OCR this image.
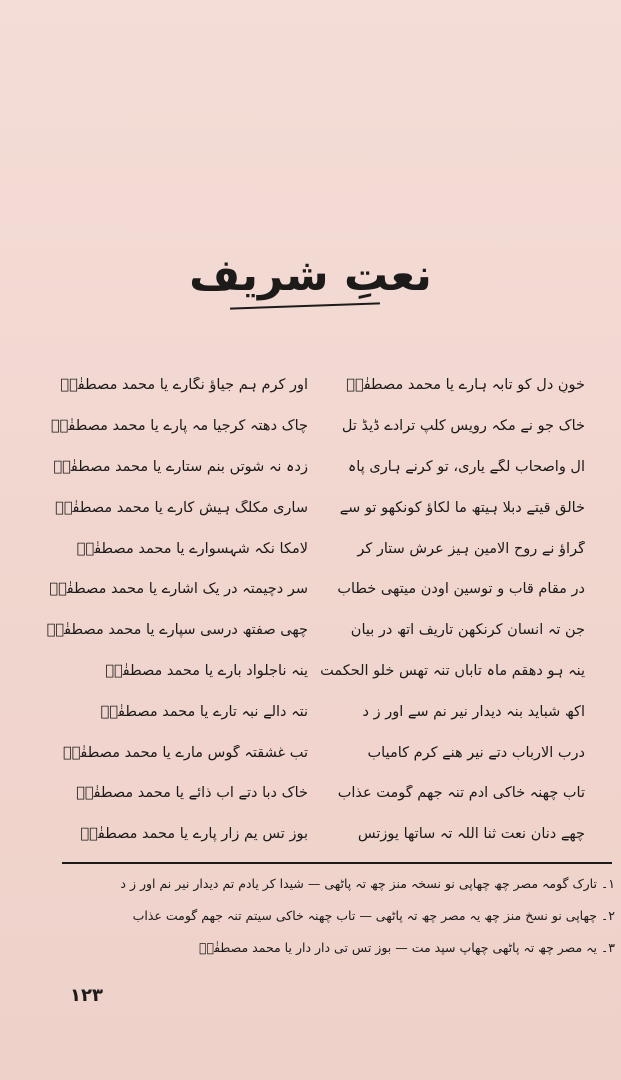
نعتِ شریف
خونِ دل کو تابہ ہارے یا محمد مصطفٰےؐ
اور کرم ہم جیاؤ نگارے یا محمد مصطفٰےؐ
خاک جو نے مکہ رویس کلپ ترادے ڈیڈ تل
چاک دھتہ کرجیا مہ پارے یا محمد مصطفٰےؐ
آل واصحاب لگے یاری، تو کرنے ہاری پاہ
زدہ نہ شوتں بنم ستارے یا محمد مصطفٰےؐ
خالقِ قیتے دبلا ہیتھ ما لکاؤ کونکھو تو سے
ساری مکلگ ہیش کارے یا محمد مصطفٰےؐ
گراؤ نے روح الامین ہیز عرش ستار کر
لامکا نکہ شہسوارے یا محمد مصطفٰےؐ
در مقام قاب و توسین اودن میتھی خطاب
سر دچیمتہ در یک اشارے یا محمد مصطفٰےؐ
جن تہ انسان کرنکھن تاریف اتھ در بیان
چھی صفتھ درسی سپارے یا محمد مصطفٰےؐ
ینہ ہو دھقم ماہ تاباں تنہ تھس خلو الحکمت
ینہ ناجلواد بارے یا محمد مصطفٰےؐ
اکھ شباید بنہ دیدار نیر نم سے اور ز د
نتہ دالے نبہ تارے یا محمد مصطفٰےؐ
درب الارباب دتے نیر ھنے کرم کامیاب
تب غشقتہ گوس مارے یا محمد مصطفٰےؐ
تاب چھنہ خاکی آدم تنہ جھم گومت عذاب
خاک دبا دتے آب ذائے یا محمد مصطفٰےؐ
چھے دنان نعت ثنا اللہ تہ ساتھا یوزتس
بوز تس یم زار پارے یا محمد مصطفٰےؐ
۱۔ تارک گومہ مصر چھ چھاپی نو نسخہ منز چھ تہ پاٹھی — شیدا کر یادم تم دیدار نیر نم اور ز د
۲۔ چھاپی نو نسخ منز چھ یہ مصر چھ تہ پاٹھی — تاب چھنہ خاکی سیتم تنہ جھم گومت عذاب
۳۔ یہ مصر چھ تہ پاٹھی چھاپ سپد مت — بوز تس تی دار دار یا محمد مصطفٰےؐ
۱۲۳
